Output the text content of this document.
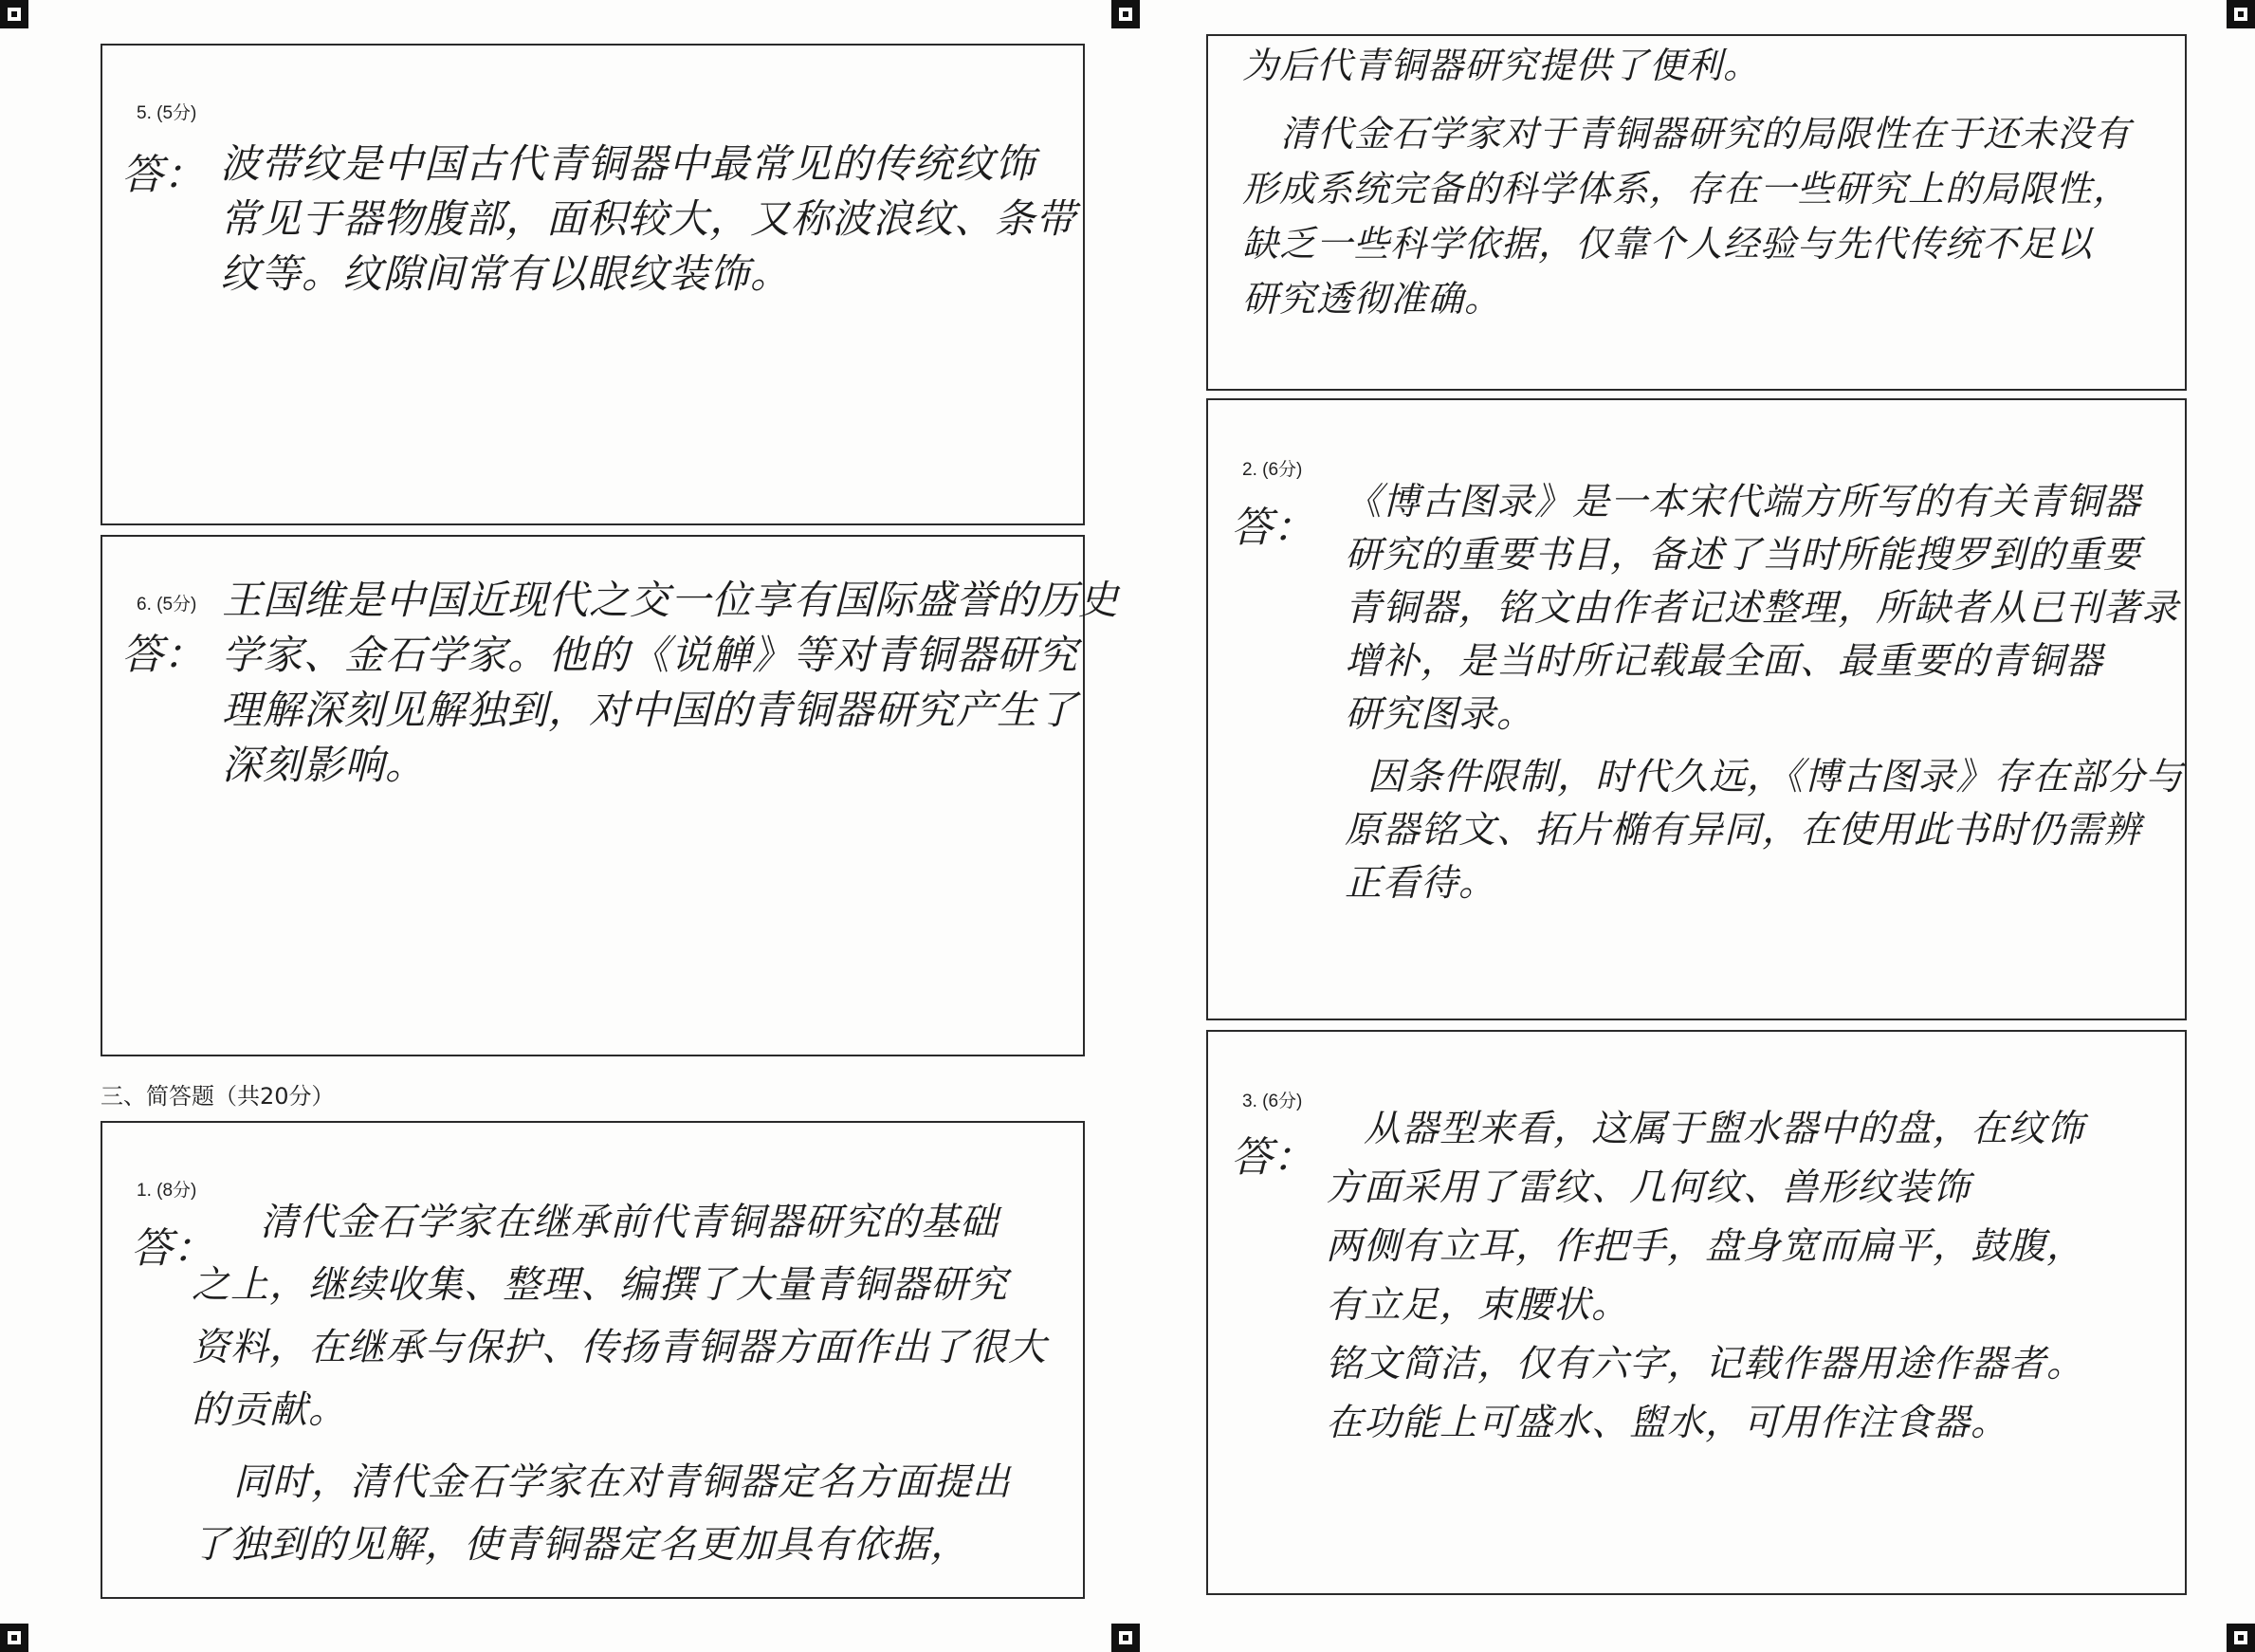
5. (5分)
答： 波带纹是中国古代青铜器中最常见的传统纹饰

常见于器物腹部，面积较大，又称波浪纹、条带

纹等。纹隙间常有以眼纹装饰。

6. (5分)
答：

王国维是中国近现代之交一位享有国际盛誉的历史

学家、金石学家。他的《说觯》等对青铜器研究

理解深刻见解独到，对中国的青铜器研究产生了

深刻影响。

三、简答题（共20分）
1. (8分)
答：

清代金石学家在继承前代青铜器研究的基础

之上，继续收集、整理、编撰了大量青铜器研究

资料，在继承与保护、传扬青铜器方面作出了很大

的贡献。

同时，清代金石学家在对青铜器定名方面提出

了独到的见解，使青铜器定名更加具有依据，

为后代青铜器研究提供了便利。

清代金石学家对于青铜器研究的局限性在于还未没有

形成系统完备的科学体系，存在一些研究上的局限性，

缺乏一些科学依据，仅靠个人经验与先代传统不足以

研究透彻准确。

2. (6分)
答：

《博古图录》是一本宋代端方所写的有关青铜器

研究的重要书目，备述了当时所能搜罗到的重要

青铜器，铭文由作者记述整理，所缺者从已刊著录

增补，是当时所记载最全面、最重要的青铜器

研究图录。

因条件限制，时代久远，《博古图录》存在部分与

原器铭文、拓片椭有异同，在使用此书时仍需辨

正看待。

3. (6分)
答：

从器型来看，这属于盥水器中的盘，在纹饰

方面采用了雷纹、几何纹、兽形纹装饰

两侧有立耳，作把手，盘身宽而扁平，鼓腹，

有立足，束腰状。

铭文简洁，仅有六字，记载作器用途作器者。

在功能上可盛水、盥水，可用作注食器。
